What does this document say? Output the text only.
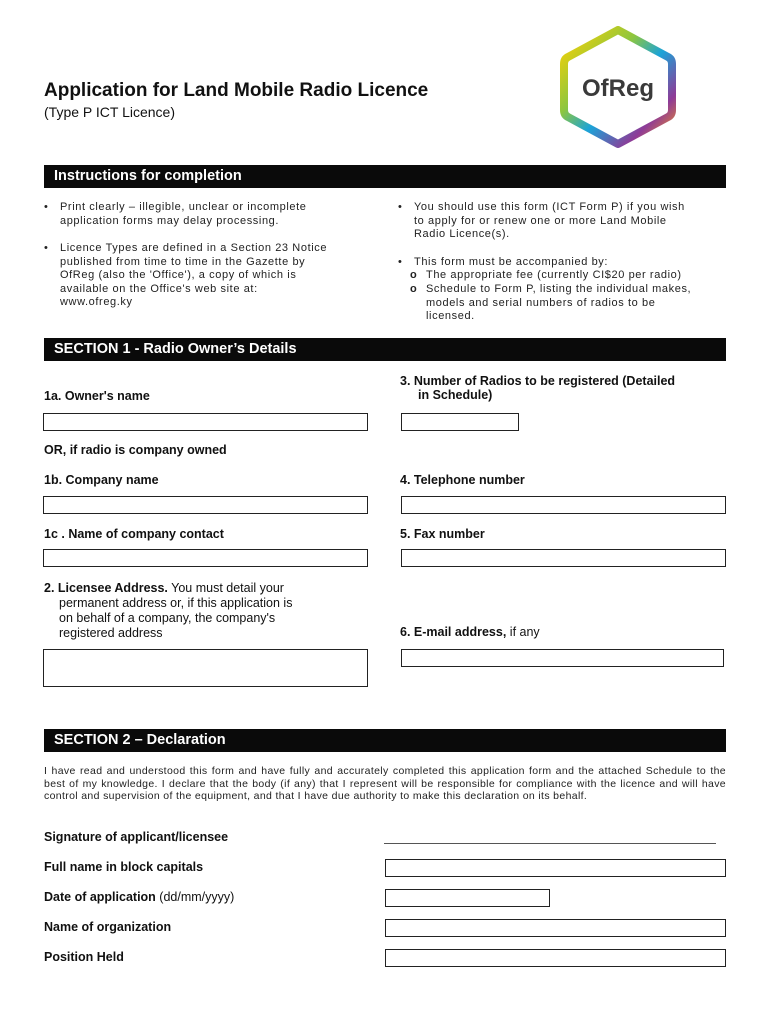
Application for Land Mobile Radio Licence
(Type P ICT Licence)
OfReg
Instructions for completion
• Print clearly – illegible, unclear or incomplete
application forms may delay processing.
• Licence Types are defined in a Section 23 Notice
published from time to time in the Gazette by
OfReg (also the 'Office'), a copy of which is
available on the Office's web site at:
www.ofreg.ky
• You should use this form (ICT Form P) if you wish
to apply for or renew one or more Land Mobile
Radio Licence(s).
• This form must be accompanied by:
o The appropriate fee (currently CI$20 per radio)
o Schedule to Form P, listing the individual makes,
models and serial numbers of radios to be
licensed.
SECTION 1 - Radio Owner’s Details
1a. Owner's name
3. Number of Radios to be registered (Detailed
in Schedule)
OR, if radio is company owned
1b. Company name	4. Telephone number
1c . Name of company contact	5. Fax number
2. Licensee Address. You must detail your
permanent address or, if this application is
on behalf of a company, the company's
registered address	6. E-mail address, if any
SECTION 2 – Declaration
I have read and understood this form and have fully and accurately completed this application form and the attached Schedule to the best of my knowledge. I declare that the body (if any) that I represent will be responsible for compliance with the licence and will have control and supervision of the equipment, and that I have due authority to make this declaration on its behalf.
Signature of applicant/licensee
Full name in block capitals
Date of application (dd/mm/yyyy)
Name of organization
Position Held
